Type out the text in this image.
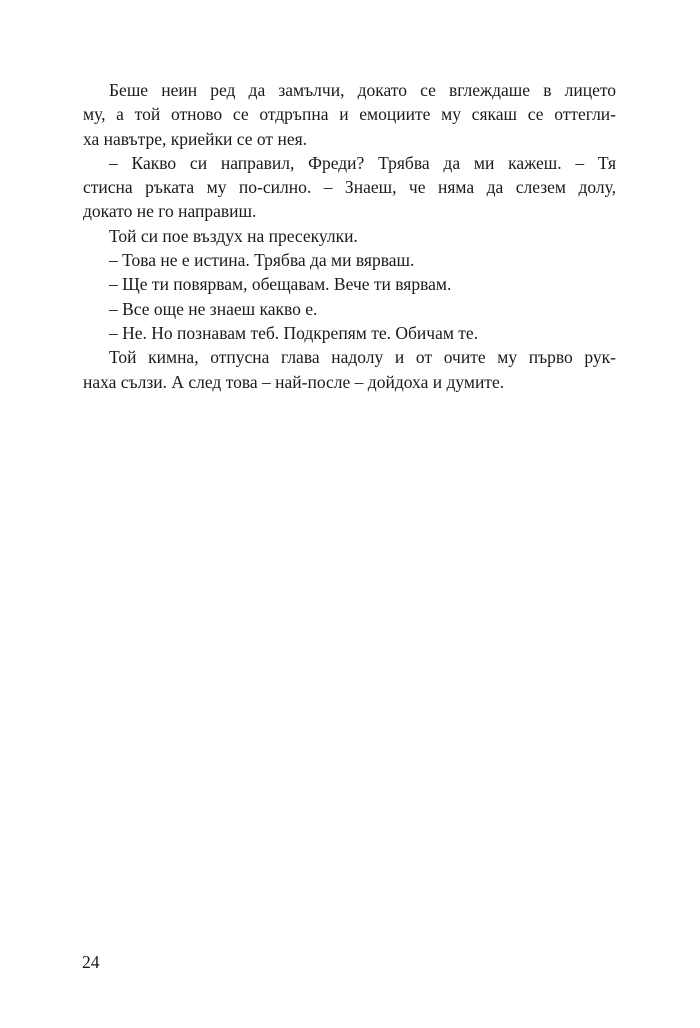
Беше неин ред да замълчи, докато се вглеждаше в лицето
му, а той отново се отдръпна и емоциите му сякаш се оттегли-
ха навътре, криейки се от нея.
– Какво си направил, Фреди? Трябва да ми кажеш. – Тя
стисна ръката му по-силно. – Знаеш, че няма да слезем долу,
докато не го направиш.
Той си пое въздух на пресекулки.
– Това не е истина. Трябва да ми вярваш.
– Ще ти повярвам, обещавам. Вече ти вярвам.
– Все още не знаеш какво е.
– Не. Но познавам теб. Подкрепям те. Обичам те.
Той кимна, отпусна глава надолу и от очите му първо рук-
наха сълзи. А след това – най-после – дойдоха и думите.
24
